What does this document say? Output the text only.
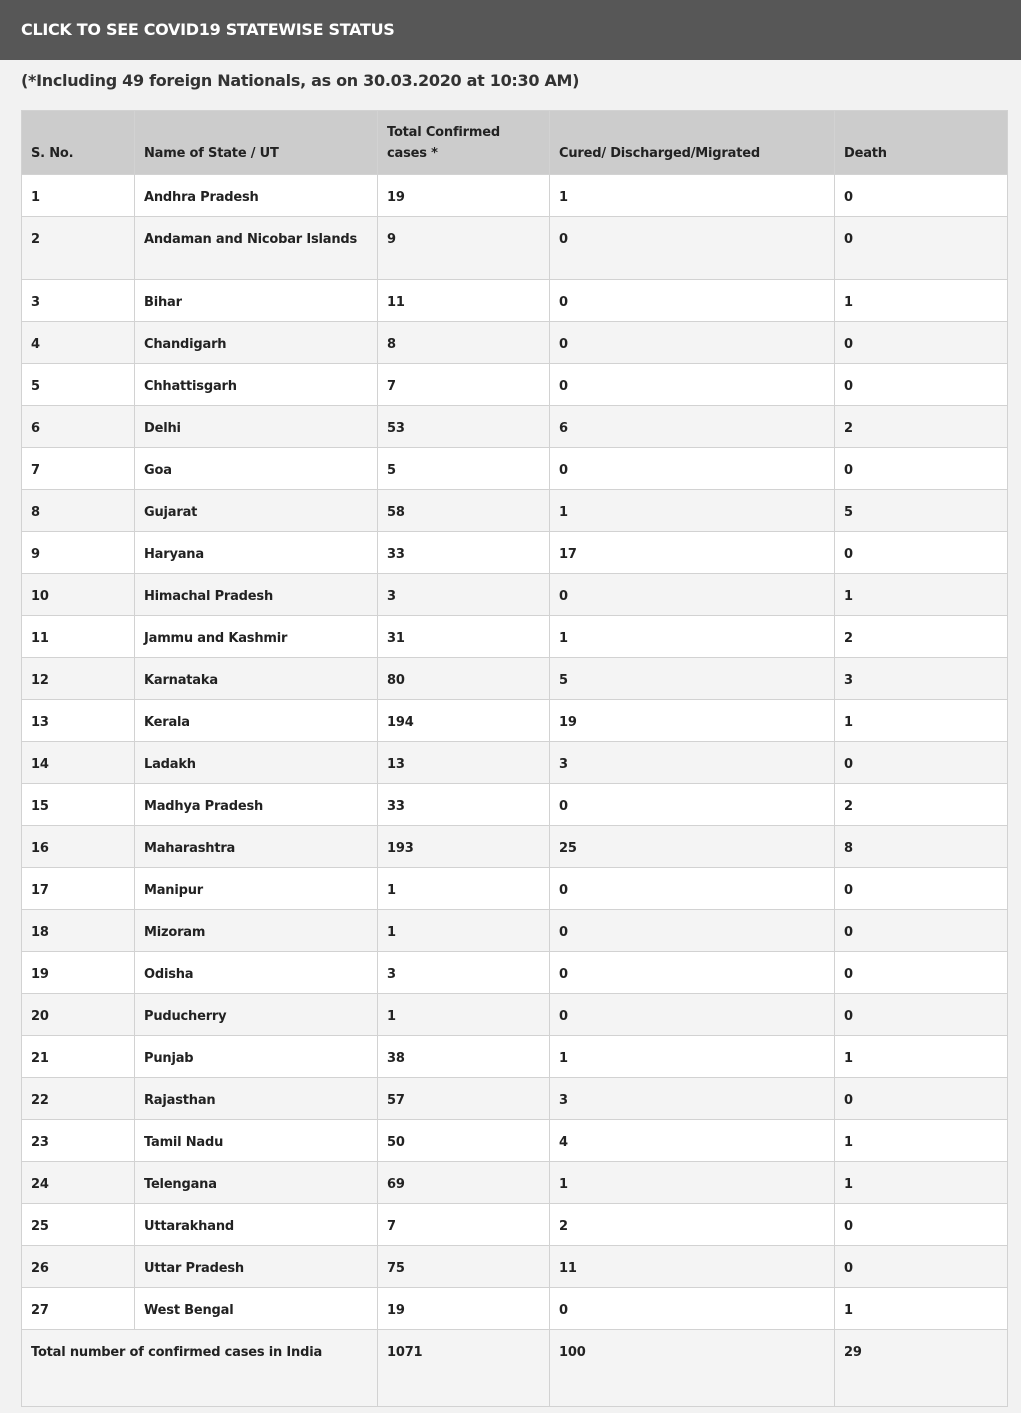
CLICK TO SEE COVID19 STATEWISE STATUS
(*Including 49 foreign Nationals, as on 30.03.2020 at 10:30 AM)
S. No.	Name of State / UT	Total Confirmed cases *	Cured/ Discharged/Migrated	Death
1	Andhra Pradesh	19	1	0
2	Andaman and Nicobar Islands	9	0	0
3	Bihar	11	0	1
4	Chandigarh	8	0	0
5	Chhattisgarh	7	0	0
6	Delhi	53	6	2
7	Goa	5	0	0
8	Gujarat	58	1	5
9	Haryana	33	17	0
10	Himachal Pradesh	3	0	1
11	Jammu and Kashmir	31	1	2
12	Karnataka	80	5	3
13	Kerala	194	19	1
14	Ladakh	13	3	0
15	Madhya Pradesh	33	0	2
16	Maharashtra	193	25	8
17	Manipur	1	0	0
18	Mizoram	1	0	0
19	Odisha	3	0	0
20	Puducherry	1	0	0
21	Punjab	38	1	1
22	Rajasthan	57	3	0
23	Tamil Nadu	50	4	1
24	Telengana	69	1	1
25	Uttarakhand	7	2	0
26	Uttar Pradesh	75	11	0
27	West Bengal	19	0	1
Total number of confirmed cases in India		1071	100	29
